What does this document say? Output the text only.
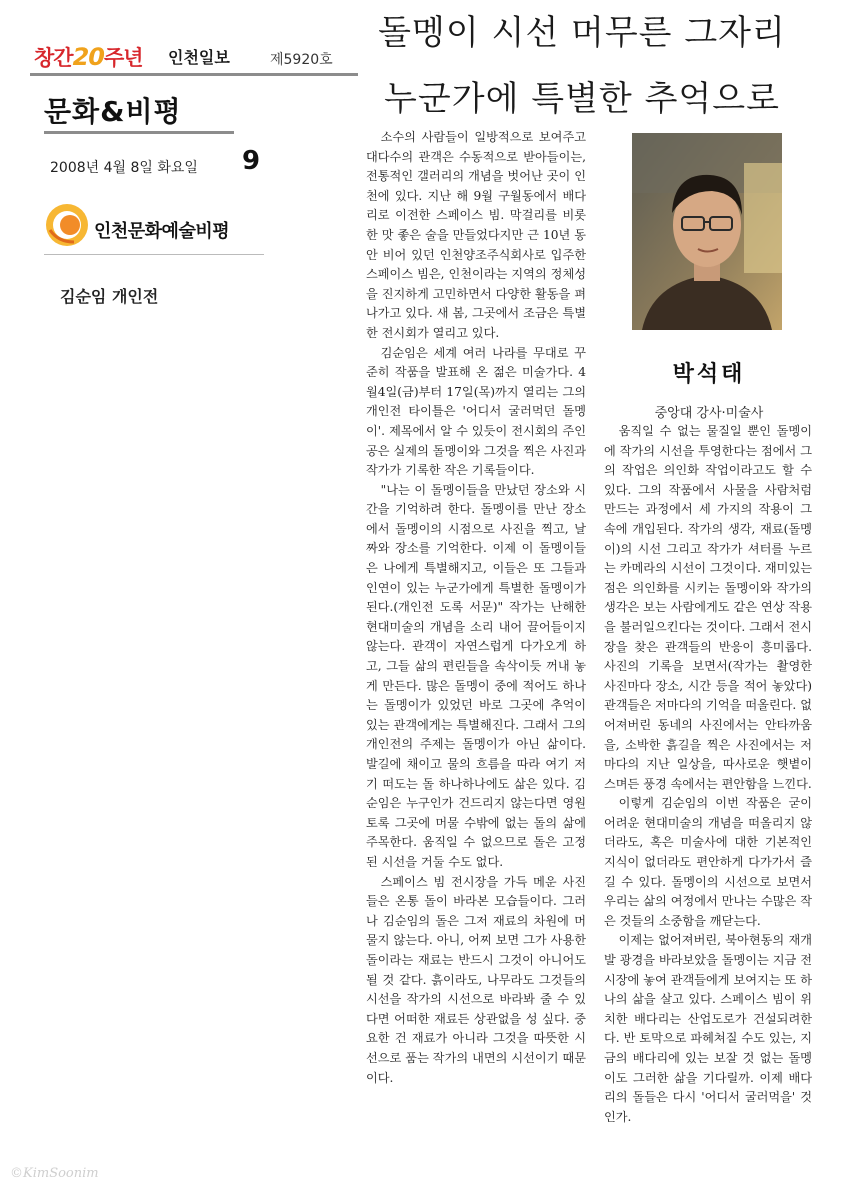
창간20주년 인천일보	제5920호
문화&비평
2008년 4월 8일 화요일 9
인천문화예술비평
김순임 개인전
돌멩이 시선 머무른 그자리
누군가에 특별한 추억으로

소수의 사람들이 일방적으로 보여주고 대다수의 관객은 수동적으로 받아들이는, 전통적인 갤러리의 개념을 벗어난 곳이 인천에 있다. 지난 해 9월 구월동에서 배다리로 이전한 스페이스 빔. 막걸리를 비롯한 맛 좋은 술을 만들었다지만 근 10년 동안 비어 있던 인천양조주식회사로 입주한 스페이스 빔은, 인천이라는 지역의 정체성을 진지하게 고민하면서 다양한 활동을 펴 나가고 있다. 새 봄, 그곳에서 조금은 특별한 전시회가 열리고 있다.

김순임은 세계 여러 나라를 무대로 꾸준히 작품을 발표해 온 젊은 미술가다. 4월4일(금)부터 17일(목)까지 열리는 그의 개인전 타이틀은 '어디서 굴러먹던 돌멩이'. 제목에서 알 수 있듯이 전시회의 주인공은 실제의 돌멩이와 그것을 찍은 사진과 작가가 기록한 작은 기록들이다.

"나는 이 돌멩이들을 만났던 장소와 시간을 기억하려 한다. 돌멩이를 만난 장소에서 돌멩이의 시점으로 사진을 찍고, 날짜와 장소를 기억한다. 이제 이 돌멩이들은 나에게 특별해지고, 이들은 또 그들과 인연이 있는 누군가에게 특별한 돌멩이가 된다.(개인전 도록 서문)" 작가는 난해한 현대미술의 개념을 소리 내어 끌어들이지 않는다. 관객이 자연스럽게 다가오게 하고, 그들 삶의 편린들을 속삭이듯 꺼내 놓게 만든다. 많은 돌멩이 중에 적어도 하나는 돌멩이가 있었던 바로 그곳에 추억이 있는 관객에게는 특별해진다. 그래서 그의 개인전의 주제는 돌멩이가 아닌 삶이다. 발길에 채이고 물의 흐름을 따라 여기 저기 떠도는 돌 하나하나에도 삶은 있다. 김순임은 누구인가 건드리지 않는다면 영원토록 그곳에 머물 수밖에 없는 돌의 삶에 주목한다. 움직일 수 없으므로 돌은 고정된 시선을 거둘 수도 없다.

스페이스 빔 전시장을 가득 메운 사진들은 온통 돌이 바라본 모습들이다. 그러나 김순임의 돌은 그저 재료의 차원에 머물지 않는다. 아니, 어찌 보면 그가 사용한 돌이라는 재료는 반드시 그것이 아니어도 될 것 같다. 흙이라도, 나무라도 그것들의 시선을 작가의 시선으로 바라봐 줄 수 있다면 어떠한 재료든 상관없을 성 싶다. 중요한 건 재료가 아니라 그것을 따뜻한 시선으로 품는 작가의 내면의 시선이기 때문이다.

박석태
중앙대 강사·미술사

움직일 수 없는 물질일 뿐인 돌멩이에 작가의 시선을 투영한다는 점에서 그의 작업은 의인화 작업이라고도 할 수 있다. 그의 작품에서 사물을 사람처럼 만드는 과정에서 세 가지의 작용이 그 속에 개입된다. 작가의 생각, 재료(돌멩이)의 시선 그리고 작가가 셔터를 누르는 카메라의 시선이 그것이다. 재미있는 점은 의인화를 시키는 돌멩이와 작가의 생각은 보는 사람에게도 같은 연상 작용을 불러일으킨다는 것이다. 그래서 전시장을 찾은 관객들의 반응이 흥미롭다. 사진의 기록을 보면서(작가는 촬영한 사진마다 장소, 시간 등을 적어 놓았다) 관객들은 저마다의 기억을 떠올린다. 없어져버린 동네의 사진에서는 안타까움을, 소박한 흙길을 찍은 사진에서는 저마다의 지난 일상을, 따사로운 햇볕이 스며든 풍경 속에서는 편안함을 느낀다.

이렇게 김순임의 이번 작품은 굳이 어려운 현대미술의 개념을 떠올리지 않더라도, 혹은 미술사에 대한 기본적인 지식이 없더라도 편안하게 다가가서 즐길 수 있다. 돌멩이의 시선으로 보면서 우리는 삶의 여정에서 만나는 수많은 작은 것들의 소중함을 깨닫는다.

이제는 없어져버린, 북아현동의 재개발 광경을 바라보았을 돌멩이는 지금 전시장에 놓여 관객들에게 보여지는 또 하나의 삶을 살고 있다. 스페이스 빔이 위치한 배다리는 산업도로가 건설되려한다. 반 토막으로 파헤쳐질 수도 있는, 지금의 배다리에 있는 보잘 것 없는 돌멩이도 그러한 삶을 기다릴까. 이제 배다리의 돌들은 다시 '어디서 굴러먹을' 것인가.

©KimSoonim
